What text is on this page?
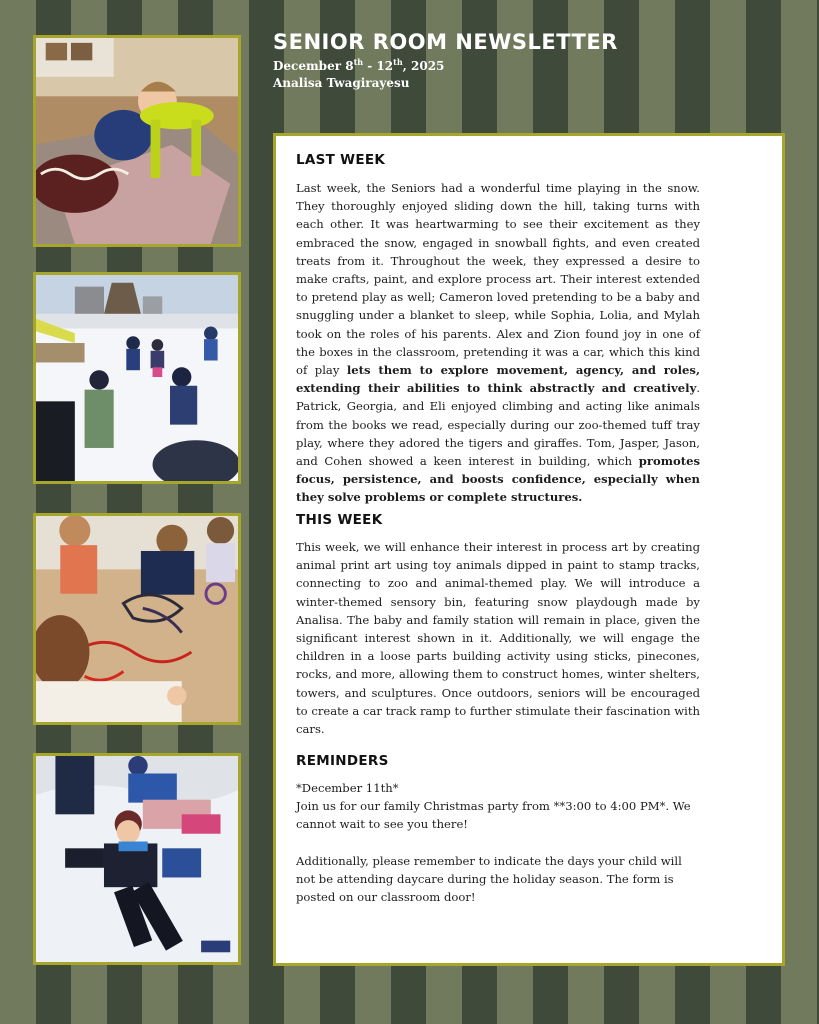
SENIOR ROOM NEWSLETTER
December 8th - 12th, 2025
Analisa Twagirayesu
LAST WEEK
Last week, the Seniors had a wonderful time playing in the snow. They thoroughly enjoyed sliding down the hill, taking turns with each other. It was heartwarming to see their excitement as they embraced the snow, engaged in snowball fights, and even created treats from it. Throughout the week, they expressed a desire to make crafts, paint, and explore process art. Their interest extended to pretend play as well; Cameron loved pretending to be a baby and snuggling under a blanket to sleep, while Sophia, Lolia, and Mylah took on the roles of his parents. Alex and Zion found joy in one of the boxes in the classroom, pretending it was a car, which this kind of play lets them to explore movement, agency, and roles, extending their abilities to think abstractly and creatively. Patrick, Georgia, and Eli enjoyed climbing and acting like animals from the books we read, especially during our zoo-themed tuff tray play, where they adored the tigers and giraffes. Tom, Jasper, Jason, and Cohen showed a keen interest in building, which promotes focus, persistence, and boosts confidence, especially when they solve problems or complete structures.
THIS WEEK
This week, we will enhance their interest in process art by creating animal print art using toy animals dipped in paint to stamp tracks, connecting to zoo and animal-themed play. We will introduce a winter-themed sensory bin, featuring snow playdough made by Analisa. The baby and family station will remain in place, given the significant interest shown in it. Additionally, we will engage the children in a loose parts building activity using sticks, pinecones, rocks, and more, allowing them to construct homes, winter shelters, towers, and sculptures. Once outdoors, seniors will be encouraged to create a car track ramp to further stimulate their fascination with cars.
REMINDERS
*December 11th*
Join us for our family Christmas party from **3:00 to 4:00 PM*. We cannot wait to see you there!
Additionally, please remember to indicate the days your child will not be attending daycare during the holiday season. The form is posted on our classroom door!
